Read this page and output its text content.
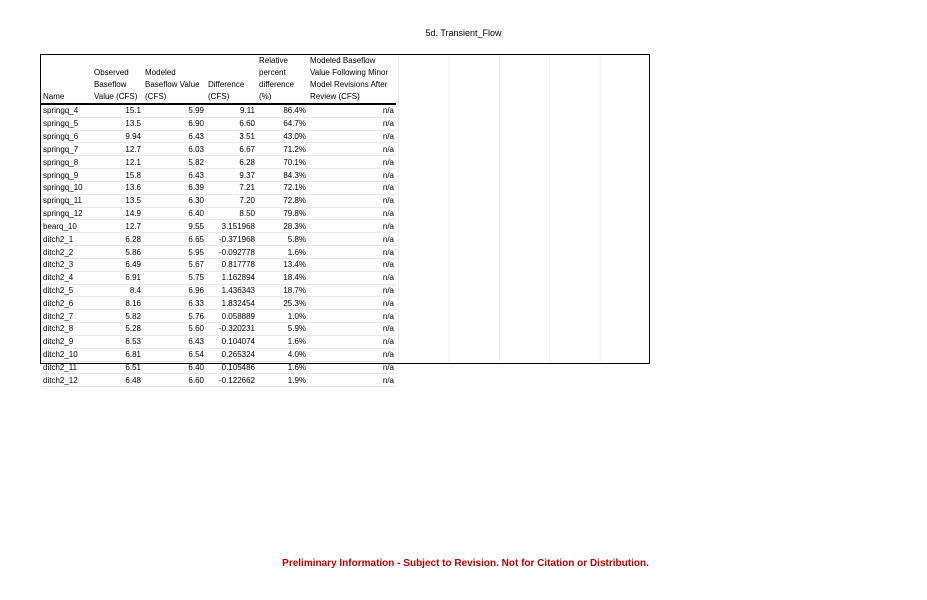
5d. Transient_Flow
Name	Observed Baseflow Value (CFS)	Modeled Baseflow Value (CFS)	Difference (CFS)	Relative percent difference (%)	Modeled Baseflow Value Following Minor Model Revisions After Review (CFS)
springq_4	15.1	5.99	9.11	86.4%	n/a
springq_5	13.5	6.90	6.60	64.7%	n/a
springq_6	9.94	6.43	3.51	43.0%	n/a
springq_7	12.7	6.03	6.67	71.2%	n/a
springq_8	12.1	5.82	6.28	70.1%	n/a
springq_9	15.8	6.43	9.37	84.3%	n/a
springq_10	13.6	6.39	7.21	72.1%	n/a
springq_11	13.5	6.30	7.20	72.8%	n/a
springq_12	14.9	6.40	8.50	79.8%	n/a
bearq_10	12.7	9.55	3.151968	28.3%	n/a
ditch2_1	6.28	6.65	-0.371968	5.8%	n/a
ditch2_2	5.86	5.95	-0.092778	1.6%	n/a
ditch2_3	6.49	5.67	0.817778	13.4%	n/a
ditch2_4	6.91	5.75	1.162894	18.4%	n/a
ditch2_5	8.4	6.96	1.436343	18.7%	n/a
ditch2_6	8.16	6.33	1.832454	25.3%	n/a
ditch2_7	5.82	5.76	0.058889	1.0%	n/a
ditch2_8	5.28	5.60	-0.320231	5.9%	n/a
ditch2_9	6.53	6.43	0.104074	1.6%	n/a
ditch2_10	6.81	6.54	0.265324	4.0%	n/a
ditch2_11	6.51	6.40	0.105486	1.6%	n/a
ditch2_12	6.48	6.60	-0.122662	1.9%	n/a
Preliminary Information - Subject to Revision. Not for Citation or Distribution.
